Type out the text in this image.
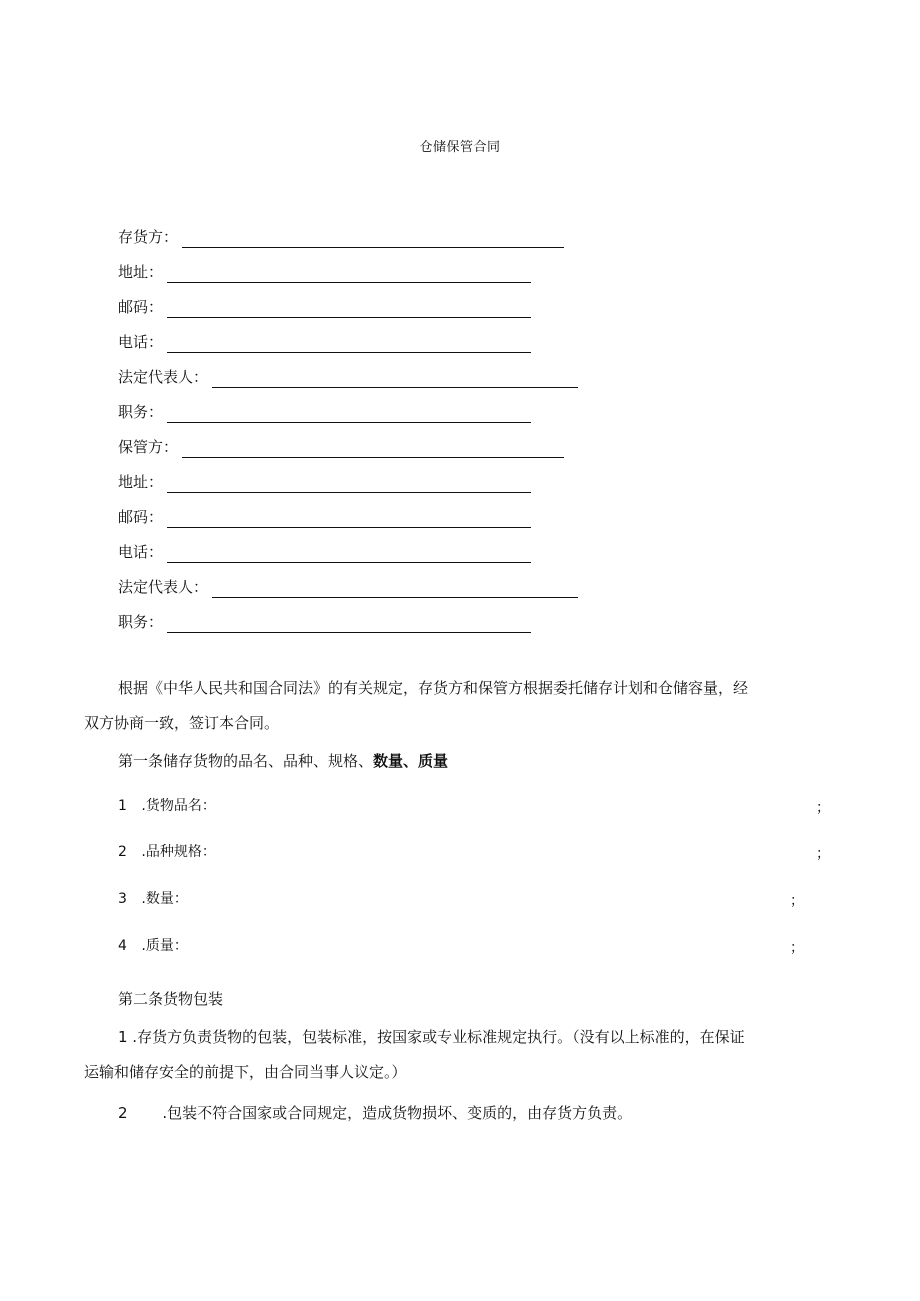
仓储保管合同
存货方：
地址：
邮码：
电话：
法定代表人：
职务：
保管方：
地址：
邮码：
电话：
法定代表人：
职务：
根据《中华人民共和国合同法》的有关规定，存货方和保管方根据委托储存计划和仓储容量，经
双方协商一致，签订本合同。
第一条储存货物的品名、品种、规格、数量、质量
1 .货物品名：	；
2 .品种规格：	；
3 .数量：	；
4 .质量：	；
第二条货物包装
1 .存货方负责货物的包装，包装标准，按国家或专业标准规定执行。（没有以上标准的，在保证
运输和储存安全的前提下，由合同当事人议定。）
2 .包装不符合国家或合同规定，造成货物损坏、变质的，由存货方负责。
